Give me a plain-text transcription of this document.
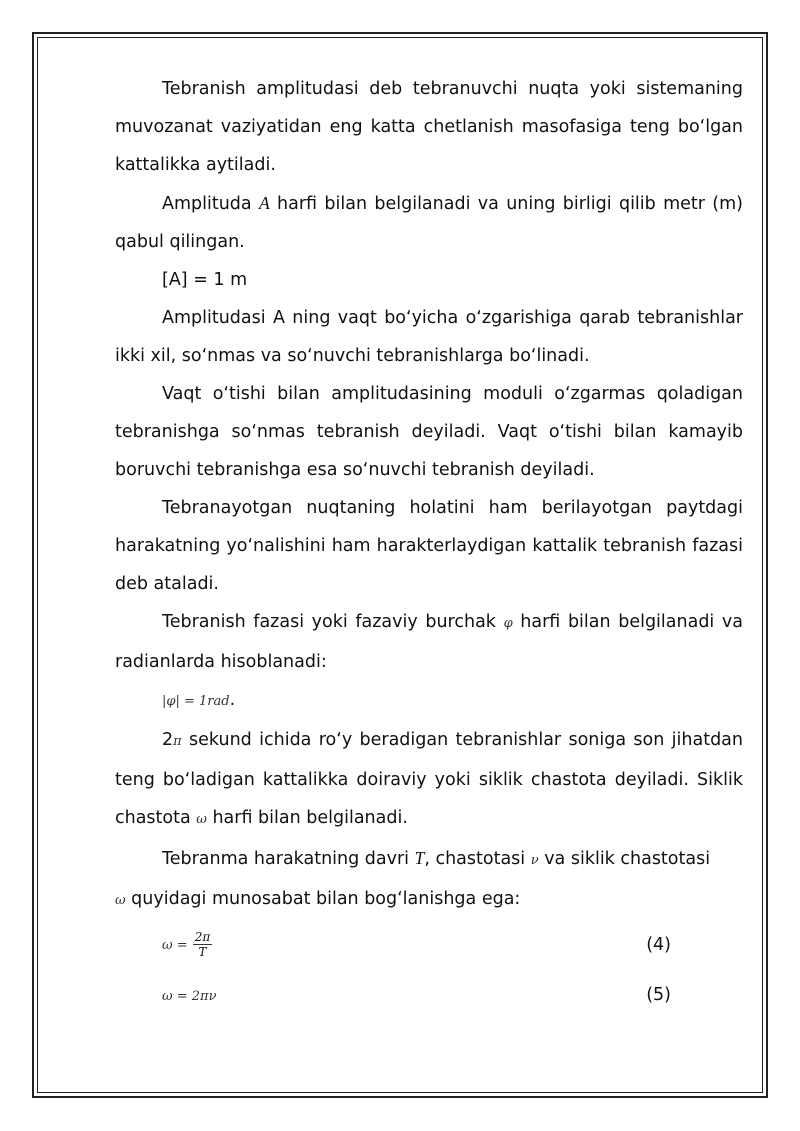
Tebranish amplitudasi deb tebranuvchi nuqta yoki sistemaning muvozanat vaziyatidan eng katta chetlanish masofasiga teng bo‘lgan kattalikka aytiladi.

Amplituda A harfi bilan belgilanadi va uning birligi qilib metr (m) qabul qilingan.

[A] = 1 m

Amplitudasi A ning vaqt bo‘yicha o‘zgarishiga qarab tebranishlar ikki xil, so‘nmas va so‘nuvchi tebranishlarga bo‘linadi.

Vaqt o‘tishi bilan amplitudasining moduli o‘zgarmas qoladigan tebranishga so‘nmas tebranish deyiladi. Vaqt o‘tishi bilan kamayib boruvchi tebranishga esa so‘nuvchi tebranish deyiladi.

Tebranayotgan nuqtaning holatini ham berilayotgan paytdagi harakatning yo‘nalishini ham harakterlaydigan kattalik tebranish fazasi deb ataladi.

Tebranish fazasi yoki fazaviy burchak φ harfi bilan belgilanadi va radianlarda hisoblanadi:

|φ| = 1rad.

2π sekund ichida ro‘y beradigan tebranishlar soniga son jihatdan teng bo‘ladigan kattalikka doiraviy yoki siklik chastota deyiladi. Siklik chastota ω harfi bilan belgilanadi.

Tebranma harakatning davri T, chastotasi ν va siklik chastotasi
ω quyidagi munosabat bilan bog‘lanishga ega:

$\omega = \frac{2\pi}{T}$	(4)
ω = 2πν	(5)
